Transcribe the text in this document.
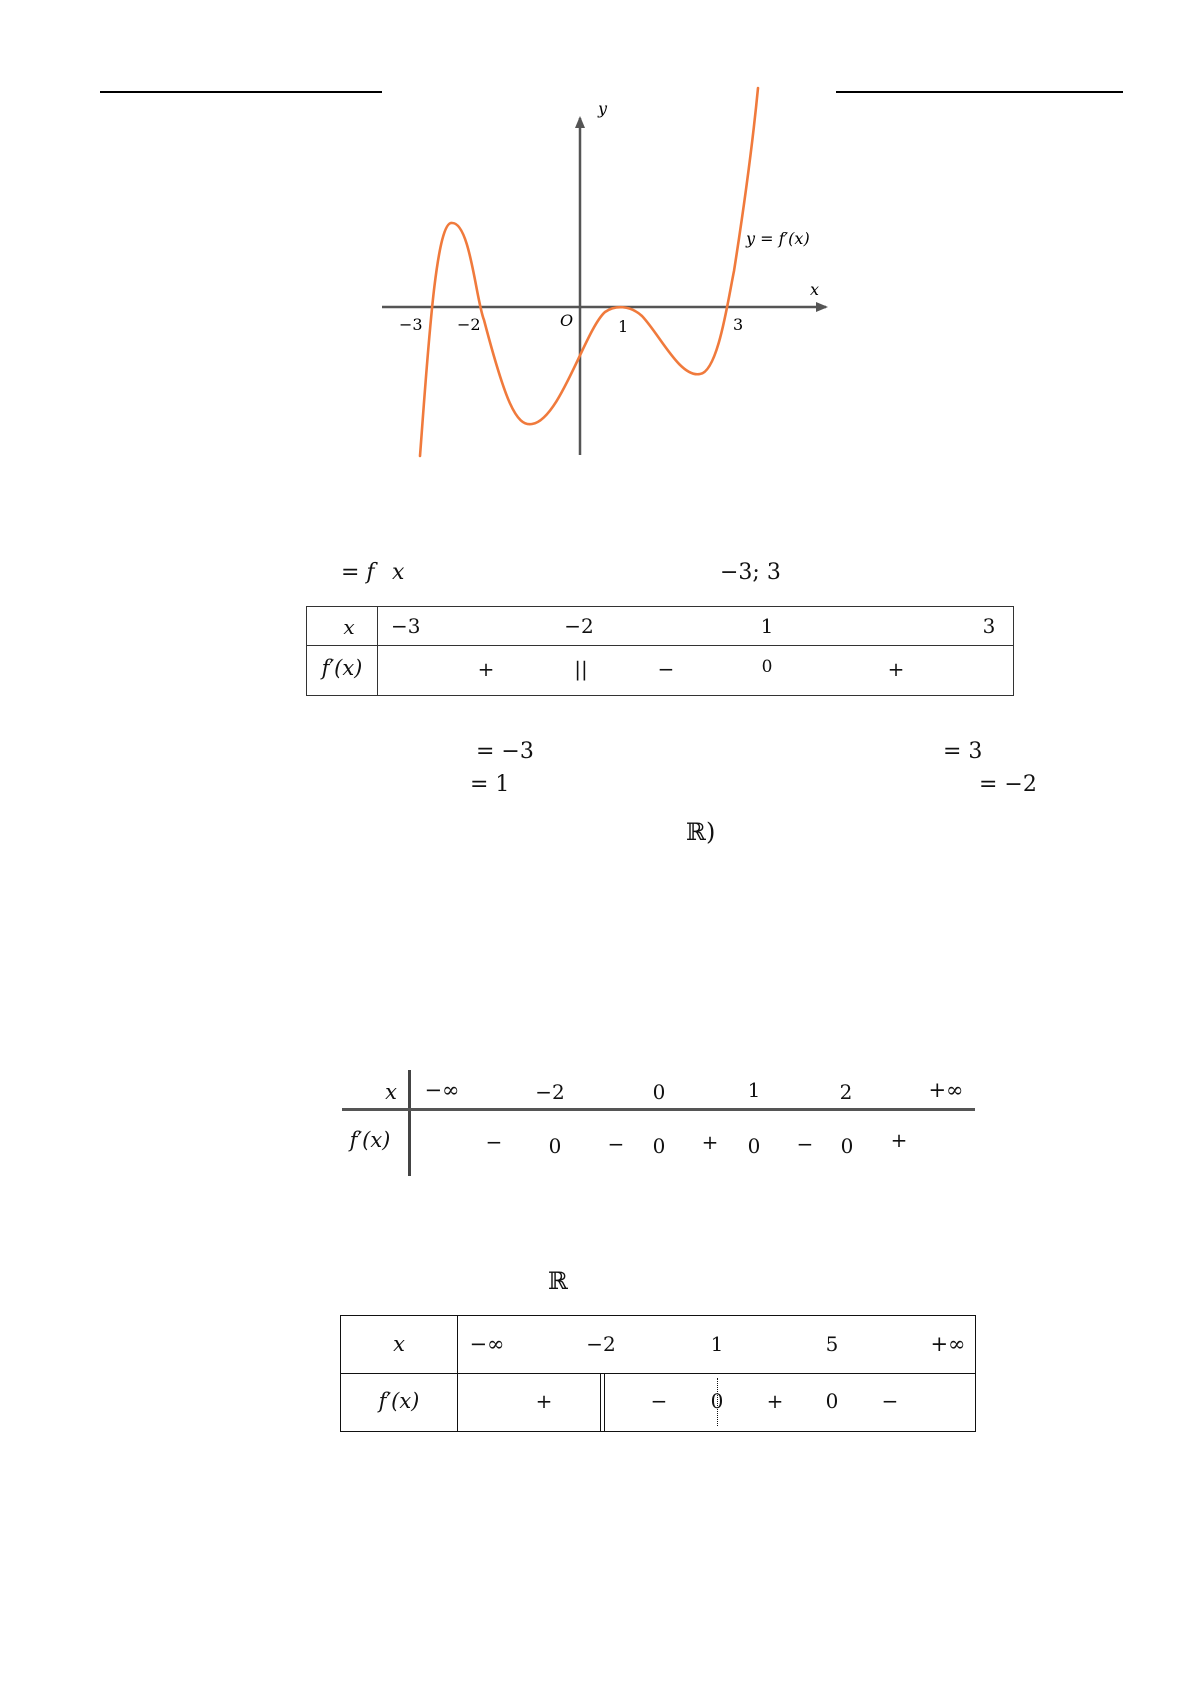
y
x
O
y = f′(x)
−3 −2	1	3
= f x	−3; 3
x
f′(x)
−3	−2	1	3
+	||	−	0	+
= −3	= 3
= 1	= −2
ℝ)
x
f′(x)
−∞	−2	0	1	2	+∞
− 0 − 0 + 0 − 0 +
ℝ
x
f′(x)
−∞	−2	1	5	+∞
+	− 0 + 0 −
